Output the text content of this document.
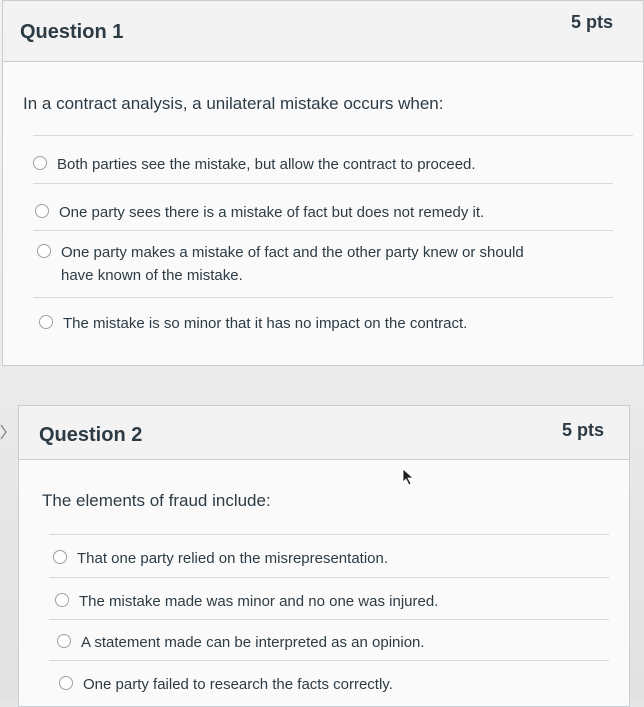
Question 1	5 pts
In a contract analysis, a unilateral mistake occurs when:
Both parties see the mistake, but allow the contract to proceed.
One party sees there is a mistake of fact but does not remedy it.
One party makes a mistake of fact and the other party knew or should have known of the mistake.
The mistake is so minor that it has no impact on the contract.
Question 2	5 pts
The elements of fraud include:
That one party relied on the misrepresentation.
The mistake made was minor and no one was injured.
A statement made can be interpreted as an opinion.
One party failed to research the facts correctly.
